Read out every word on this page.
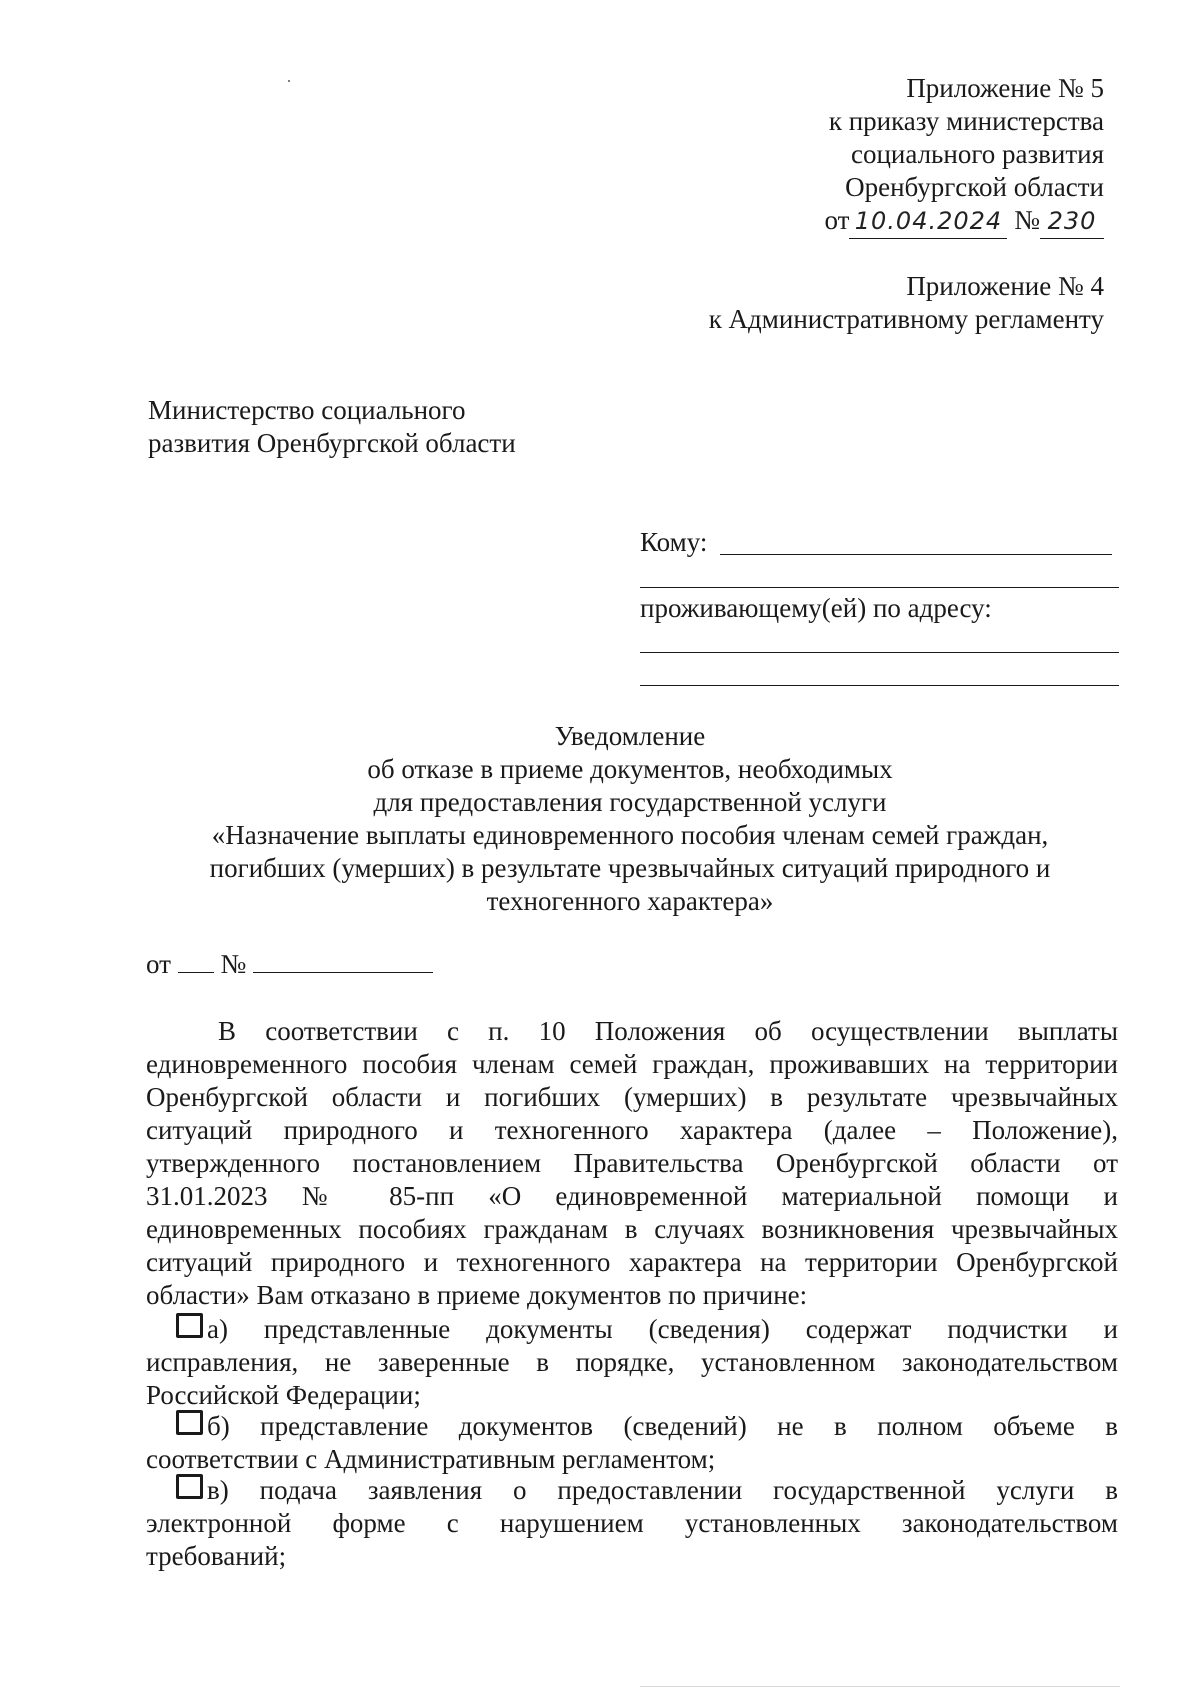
Приложение № 5
к приказу министерства
социального развития
Оренбургской области
от 10.04.2024 № 230
Приложение № 4
к Административному регламенту
Министерство социального
развития Оренбургской области
Кому:
проживающему(ей) по адресу:
Уведомление
об отказе в приеме документов, необходимых
для предоставления государственной услуги
«Назначение выплаты единовременного пособия членам семей граждан,
погибших (умерших) в результате чрезвычайных ситуаций природного и
техногенного характера»
от №
В соответствии с п. 10 Положения об осуществлении выплаты
единовременного пособия членам семей граждан, проживавших на территории
Оренбургской области и погибших (умерших) в результате чрезвычайных
ситуаций природного и техногенного характера (далее – Положение),
утвержденного постановлением Правительства Оренбургской области от
31.01.2023 № 85-пп «О единовременной материальной помощи и
единовременных пособиях гражданам в случаях возникновения чрезвычайных
ситуаций природного и техногенного характера на территории Оренбургской
области» Вам отказано в приеме документов по причине:
а) представленные документы (сведения) содержат подчистки и
исправления, не заверенные в порядке, установленном законодательством
Российской Федерации;
б) представление документов (сведений) не в полном объеме в
соответствии с Административным регламентом;
в) подача заявления о предоставлении государственной услуги в
электронной форме с нарушением установленных законодательством
требований;
